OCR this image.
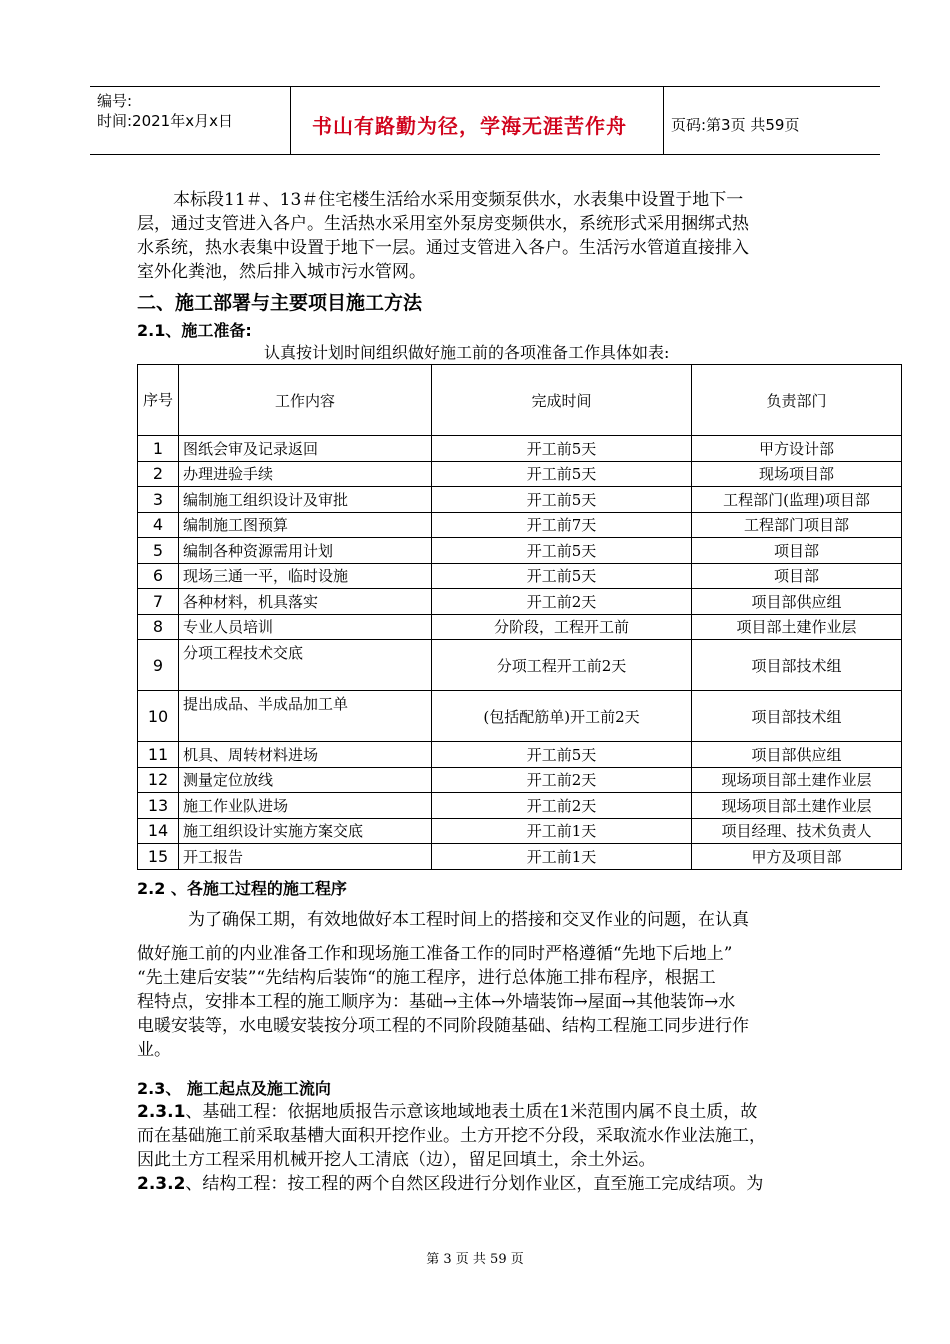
编号:
时间:2021年x月x日	书山有路勤为径，学海无涯苦作舟	页码:第3页 共59页
本标段11＃、13＃住宅楼生活给水采用变频泵供水，水表集中设置于地下一
层，通过支管进入各户。生活热水采用室外泵房变频供水，系统形式采用捆绑式热
水系统，热水表集中设置于地下一层。通过支管进入各户。生活污水管道直接排入
室外化粪池，然后排入城市污水管网。
二、施工部署与主要项目施工方法
2.1、施工准备:
认真按计划时间组织做好施工前的各项准备工作具体如表:
序号	工作内容	完成时间	负责部门
1	图纸会审及记录返回	开工前5天	甲方设计部
2	办理进验手续	开工前5天	现场项目部
3	编制施工组织设计及审批	开工前5天	工程部门(监理)项目部
4	编制施工图预算	开工前7天	工程部门项目部
5	编制各种资源需用计划	开工前5天	项目部
6	现场三通一平，临时设施	开工前5天	项目部
7	各种材料，机具落实	开工前2天	项目部供应组
8	专业人员培训	分阶段，工程开工前	项目部土建作业层
9	分项工程技术交底	分项工程开工前2天	项目部技术组
10	提出成品、半成品加工单	(包括配筋单)开工前2天	项目部技术组
11	机具、周转材料进场	开工前5天	项目部供应组
12	测量定位放线	开工前2天	现场项目部土建作业层
13	施工作业队进场	开工前2天	现场项目部土建作业层
14	施工组织设计实施方案交底	开工前1天	项目经理、技术负责人
15	开工报告	开工前1天	甲方及项目部
2.2 、各施工过程的施工程序
为了确保工期，有效地做好本工程时间上的搭接和交叉作业的问题，在认真
做好施工前的内业准备工作和现场施工准备工作的同时严格遵循“先地下后地上”
“先土建后安装”“先结构后装饰“的施工程序，进行总体施工排布程序，根据工
程特点，安排本工程的施工顺序为：基础→主体→外墙装饰→屋面→其他装饰→水
电暖安装等，水电暖安装按分项工程的不同阶段随基础、结构工程施工同步进行作
业。
2.3、 施工起点及施工流向
2.3.1、基础工程：依据地质报告示意该地域地表土质在1米范围内属不良土质，故
而在基础施工前采取基槽大面积开挖作业。土方开挖不分段，采取流水作业法施工，
因此土方工程采用机械开挖人工清底（边），留足回填土，余土外运。
2.3.2、结构工程：按工程的两个自然区段进行分划作业区，直至施工完成结项。为
第 3 页 共 59 页
